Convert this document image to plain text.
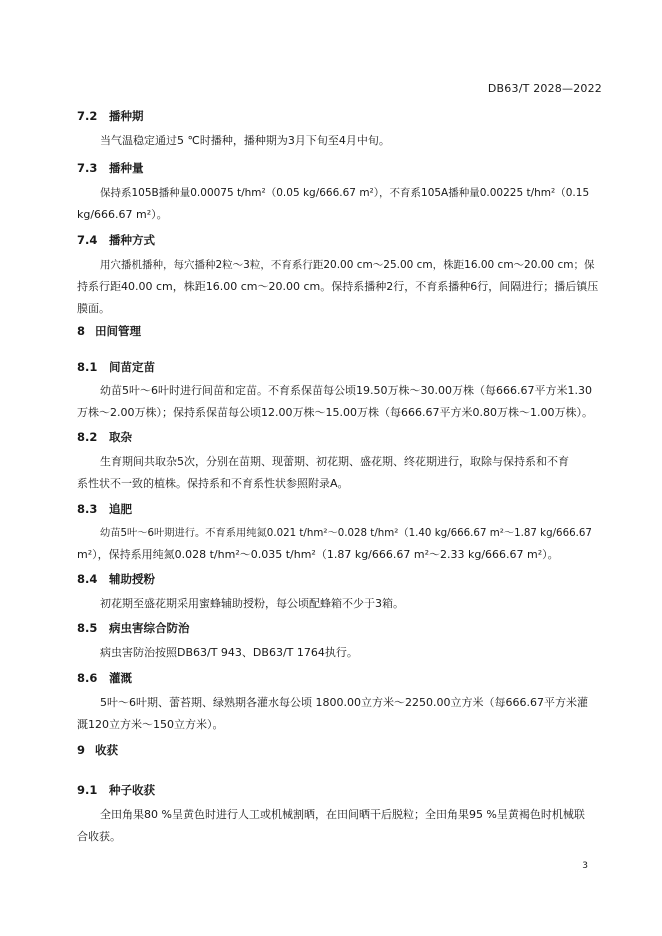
DB63/T 2028—2022
7.2 播种期
当气温稳定通过5 ℃时播种，播种期为3月下旬至4月中旬。
7.3 播种量
保持系105B播种量0.00075 t/hm²（0.05 kg/666.67 m²），不育系105A播种量0.00225 t/hm²（0.15
kg/666.67 m²）。
7.4 播种方式
用穴播机播种，每穴播种2粒～3粒，不育系行距20.00 cm～25.00 cm，株距16.00 cm～20.00 cm；保
持系行距40.00 cm，株距16.00 cm～20.00 cm。保持系播种2行，不育系播种6行，间隔进行；播后镇压
膜面。
8 田间管理
8.1 间苗定苗
幼苗5叶～6叶时进行间苗和定苗。不育系保苗每公顷19.50万株～30.00万株（每666.67平方米1.30
万株～2.00万株）；保持系保苗每公顷12.00万株～15.00万株（每666.67平方米0.80万株～1.00万株）。
8.2 取杂
生育期间共取杂5次，分别在苗期、现蕾期、初花期、盛花期、终花期进行，取除与保持系和不育
系性状不一致的植株。保持系和不育系性状参照附录A。
8.3 追肥
幼苗5叶～6叶期进行。不育系用纯氮0.021 t/hm²～0.028 t/hm²（1.40 kg/666.67 m²～1.87 kg/666.67
m²），保持系用纯氮0.028 t/hm²～0.035 t/hm²（1.87 kg/666.67 m²～2.33 kg/666.67 m²）。
8.4 辅助授粉
初花期至盛花期采用蜜蜂辅助授粉，每公顷配蜂箱不少于3箱。
8.5 病虫害综合防治
病虫害防治按照DB63/T 943、DB63/T 1764执行。
8.6 灌溉
5叶～6叶期、蕾苔期、绿熟期各灌水每公顷 1800.00立方米～2250.00立方米（每666.67平方米灌
溉120立方米～150立方米）。
9 收获
9.1 种子收获
全田角果80 %呈黄色时进行人工或机械割晒，在田间晒干后脱粒；全田角果95 %呈黄褐色时机械联
合收获。
3
